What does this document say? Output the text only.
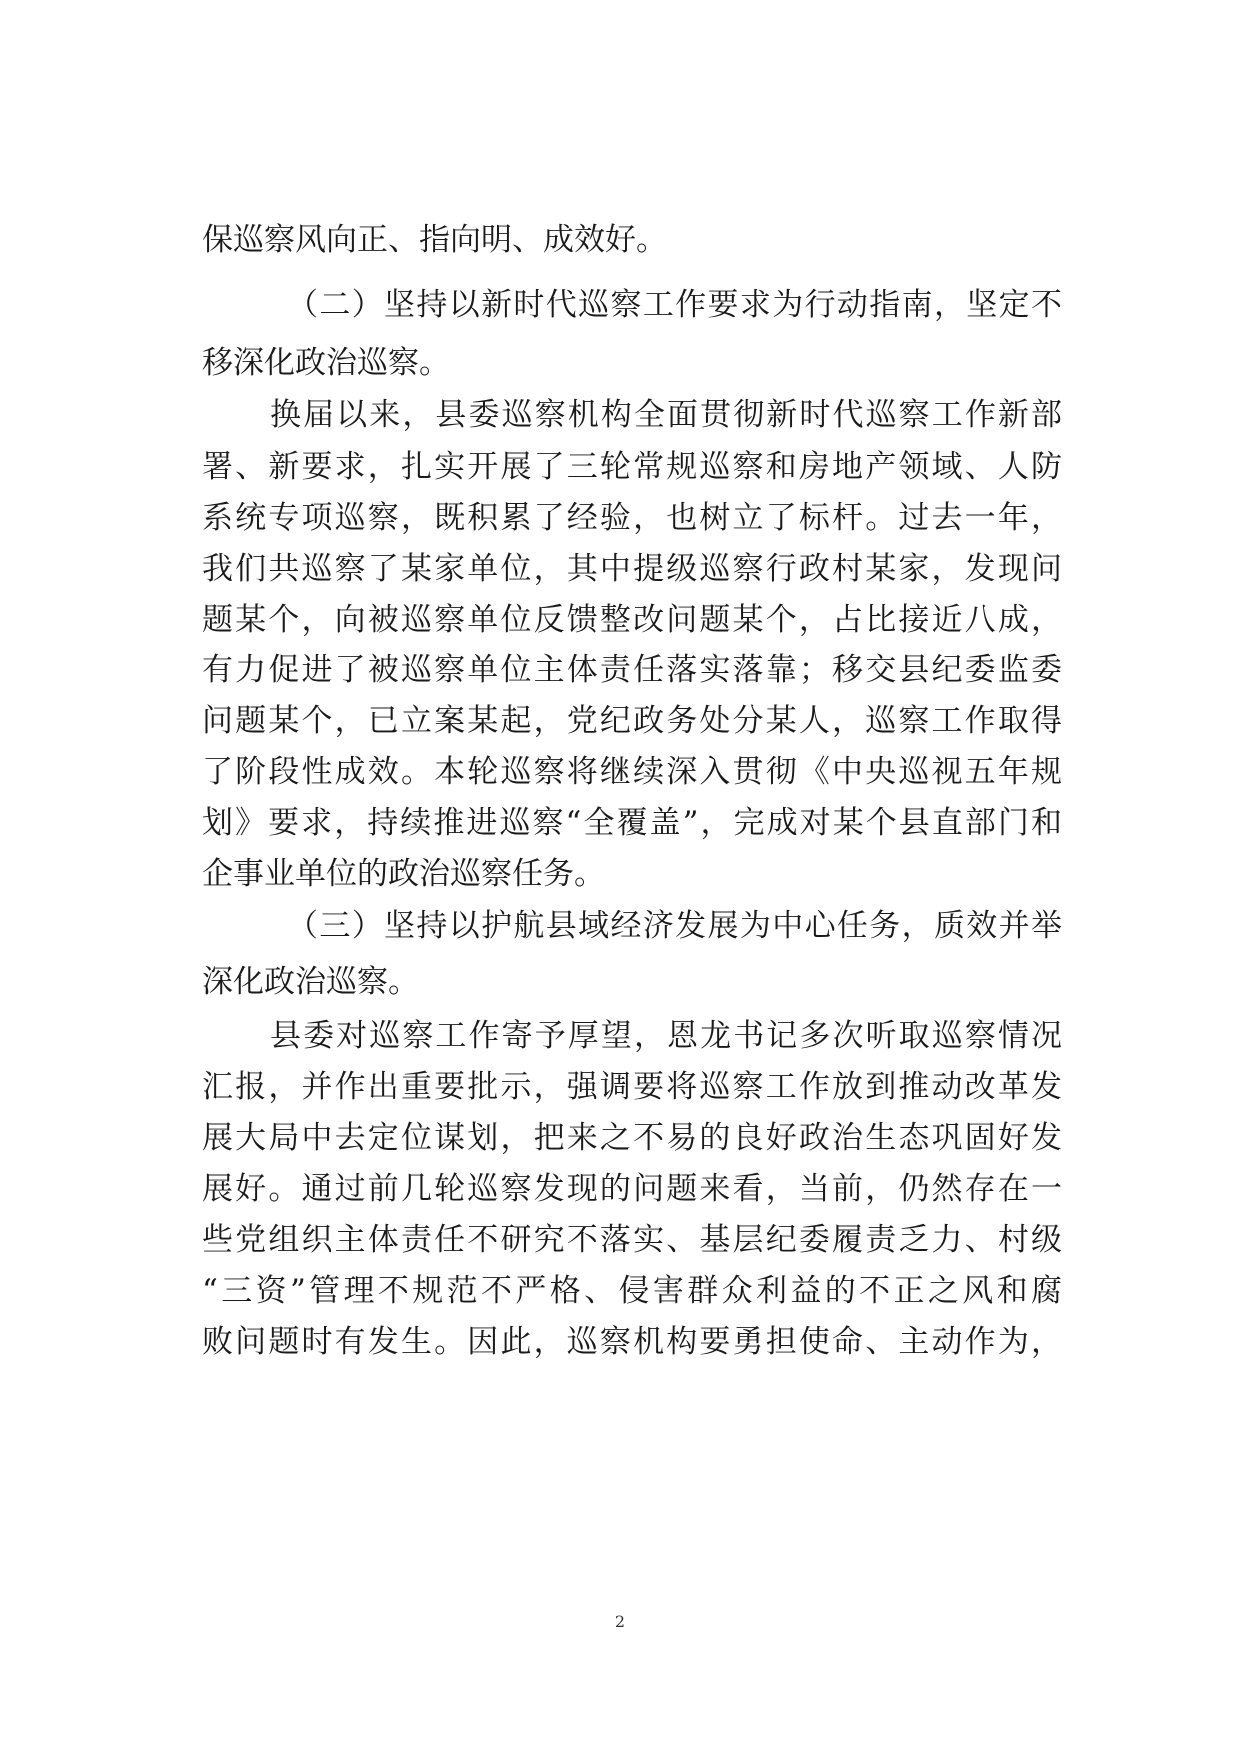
保巡察风向正、指向明、成效好。
（二）坚持以新时代巡察工作要求为行动指南，坚定不
移深化政治巡察。
换届以来，县委巡察机构全面贯彻新时代巡察工作新部
署、新要求，扎实开展了三轮常规巡察和房地产领域、人防
系统专项巡察，既积累了经验，也树立了标杆。过去一年，
我们共巡察了某家单位，其中提级巡察行政村某家，发现问
题某个，向被巡察单位反馈整改问题某个，占比接近八成，
有力促进了被巡察单位主体责任落实落靠；移交县纪委监委
问题某个，已立案某起，党纪政务处分某人，巡察工作取得
了阶段性成效。本轮巡察将继续深入贯彻《中央巡视五年规
划》要求，持续推进巡察“全覆盖”，完成对某个县直部门和
企事业单位的政治巡察任务。
（三）坚持以护航县域经济发展为中心任务，质效并举
深化政治巡察。
县委对巡察工作寄予厚望，恩龙书记多次听取巡察情况
汇报，并作出重要批示，强调要将巡察工作放到推动改革发
展大局中去定位谋划，把来之不易的良好政治生态巩固好发
展好。通过前几轮巡察发现的问题来看，当前，仍然存在一
些党组织主体责任不研究不落实、基层纪委履责乏力、村级
“三资”管理不规范不严格、侵害群众利益的不正之风和腐
败问题时有发生。因此，巡察机构要勇担使命、主动作为，
2
